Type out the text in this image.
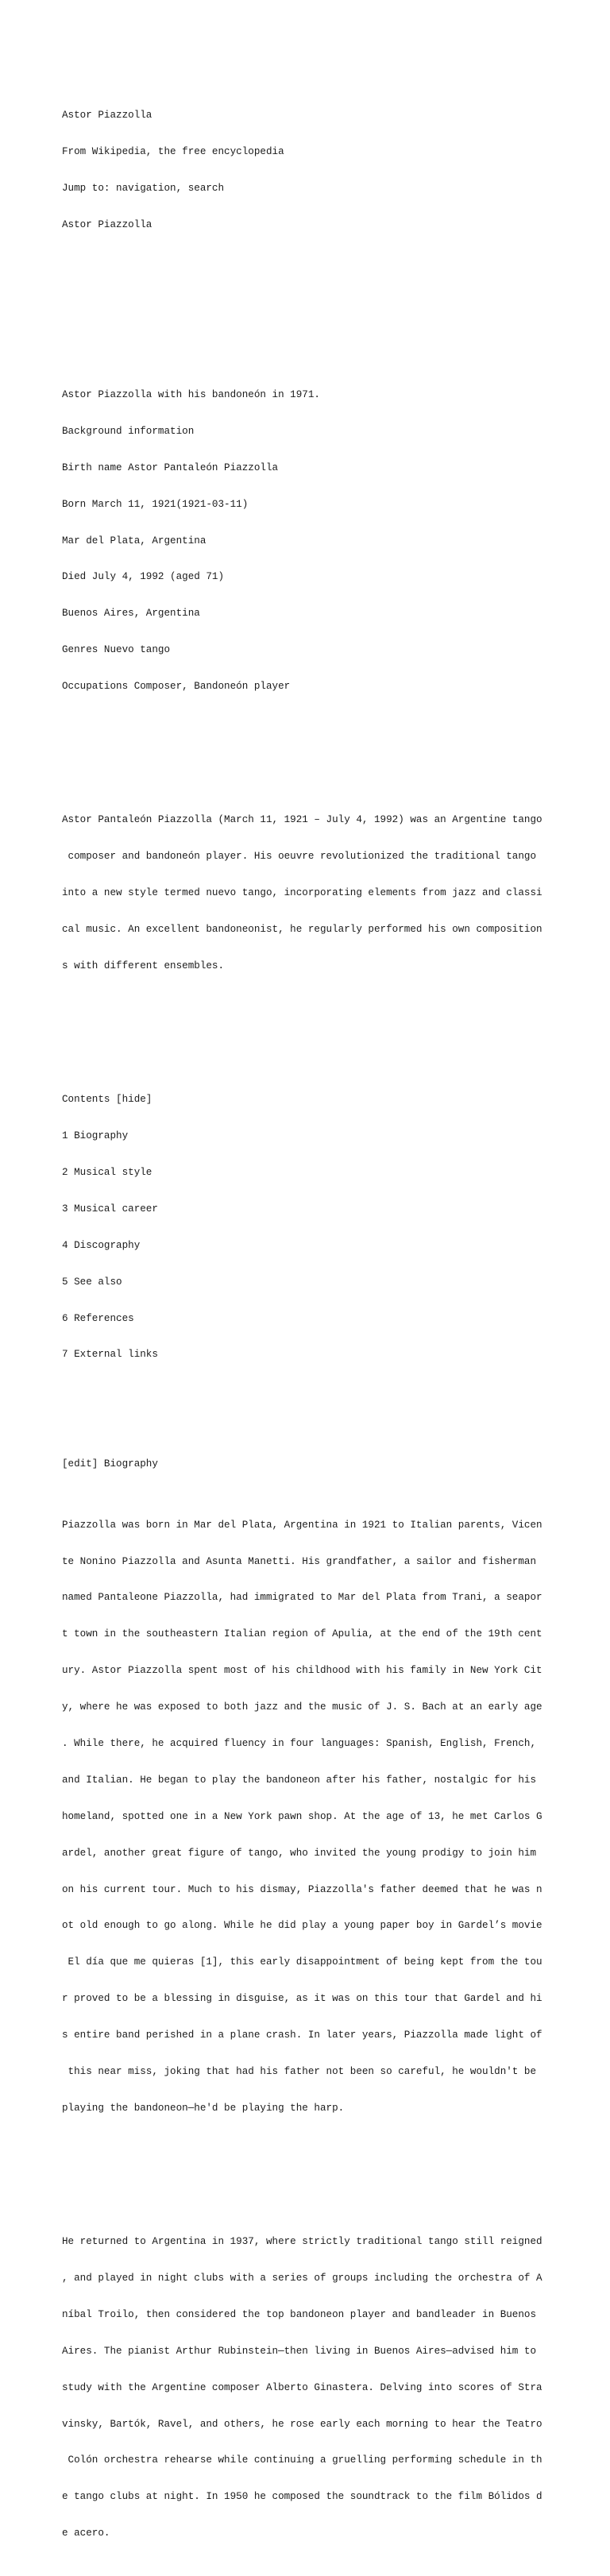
Astor Piazzolla

From Wikipedia, the free encyclopedia

Jump to: navigation, search

Astor Piazzolla

Astor Piazzolla with his bandoneón in 1971.

Background information

Birth name Astor Pantaleón Piazzolla

Born March 11, 1921(1921-03-11)

Mar del Plata, Argentina

Died July 4, 1992 (aged 71)

Buenos Aires, Argentina

Genres Nuevo tango

Occupations Composer, Bandoneón player

Astor Pantaleón Piazzolla (March 11, 1921 – July 4, 1992) was an Argentine tango

composer and bandoneón player. His oeuvre revolutionized the traditional tango

into a new style termed nuevo tango, incorporating elements from jazz and classi

cal music. An excellent bandoneonist, he regularly performed his own composition

s with different ensembles.

Contents [hide]

1 Biography

2 Musical style

3 Musical career

4 Discography

5 See also

6 References

7 External links

[edit] Biography

Piazzolla was born in Mar del Plata, Argentina in 1921 to Italian parents, Vicen

te Nonino Piazzolla and Asunta Manetti. His grandfather, a sailor and fisherman

named Pantaleone Piazzolla, had immigrated to Mar del Plata from Trani, a seapor

t town in the southeastern Italian region of Apulia, at the end of the 19th cent

ury. Astor Piazzolla spent most of his childhood with his family in New York Cit

y, where he was exposed to both jazz and the music of J. S. Bach at an early age

. While there, he acquired fluency in four languages: Spanish, English, French,

and Italian. He began to play the bandoneon after his father, nostalgic for his

homeland, spotted one in a New York pawn shop. At the age of 13, he met Carlos G

ardel, another great figure of tango, who invited the young prodigy to join him

on his current tour. Much to his dismay, Piazzolla's father deemed that he was n

ot old enough to go along. While he did play a young paper boy in Gardel’s movie

El día que me quieras [1], this early disappointment of being kept from the tou

r proved to be a blessing in disguise, as it was on this tour that Gardel and hi

s entire band perished in a plane crash. In later years, Piazzolla made light of

this near miss, joking that had his father not been so careful, he wouldn't be

playing the bandoneon—he'd be playing the harp.

He returned to Argentina in 1937, where strictly traditional tango still reigned

, and played in night clubs with a series of groups including the orchestra of A

níbal Troilo, then considered the top bandoneon player and bandleader in Buenos

Aires. The pianist Arthur Rubinstein—then living in Buenos Aires—advised him to

study with the Argentine composer Alberto Ginastera. Delving into scores of Stra

vinsky, Bartók, Ravel, and others, he rose early each morning to hear the Teatro

Colón orchestra rehearse while continuing a gruelling performing schedule in th

e tango clubs at night. In 1950 he composed the soundtrack to the film Bólidos d

e acero.
